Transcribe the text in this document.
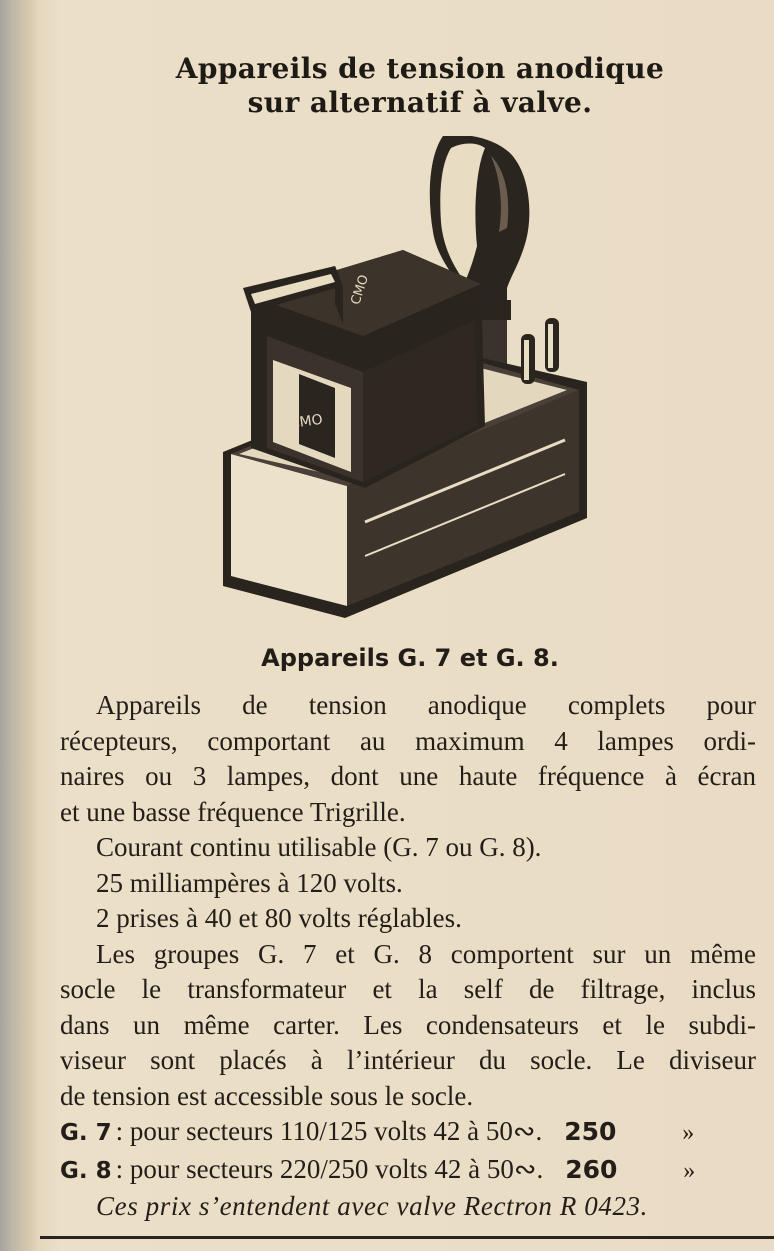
Appareils de tension anodique
sur alternatif à valve.
CMO
CMO
Appareils G. 7 et G. 8.

Appareils de tension anodique complets pour

récepteurs, comportant au maximum 4 lampes ordi-

naires ou 3 lampes, dont une haute fréquence à écran

et une basse fréquence Trigrille.

Courant continu utilisable (G. 7 ou G. 8).

25 milliampères à 120 volts.

2 prises à 40 et 80 volts réglables.

Les groupes G. 7 et G. 8 comportent sur un même

socle le transformateur et la self de filtrage, inclus

dans un même carter. Les condensateurs et le subdi-

viseur sont placés à l’intérieur du socle. Le diviseur

de tension est accessible sous le socle.

G. 7 : pour secteurs 110/125 volts 42 à 50∾. 250	»
G. 8 : pour secteurs 220/250 volts 42 à 50∾. 260	»

Ces prix s’entendent avec valve Rectron R 0423.
